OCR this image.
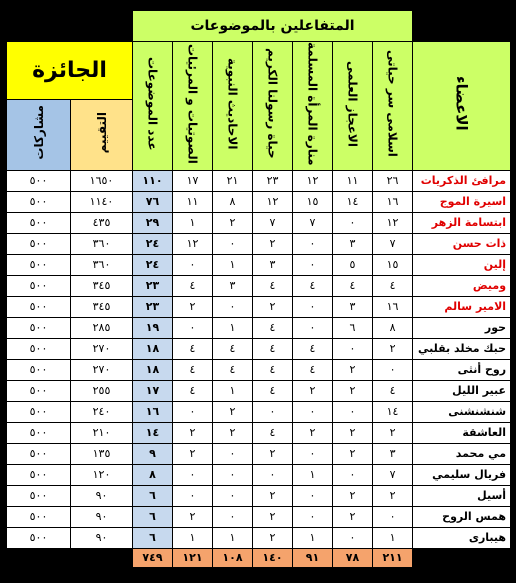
		المتفاعلين بالموضوعات							
الجائزة		عدد الموضوعات	الصوتيات و المرئيات	الاحاديث النبوية	حياة رسولنا الكريم	منارة المرأة المسلمة	الاعجاز العلمى	اسلامى سر حياتى	الاعضاء
مشاركات	التقييم								
٥٠٠	١٦٥٠	١١٠	١٧	٢١	٢٣	١٢	١١	٢٦	مرافئ الذكريات
٥٠٠	١١٤٠	٧٦	١١	٨	١٢	١٥	١٤	١٦	اسيرة الموج
٥٠٠	٤٣٥	٢٩	١	٢	٧	٧	٠	١٢	ابتسامة الزهر
٥٠٠	٣٦٠	٢٤	١٢	٠	٢	٠	٣	٧	ذات حسن
٥٠٠	٣٦٠	٢٤	٠	١	٣	٠	٥	١٥	إلين
٥٠٠	٣٤٥	٢٣	٤	٣	٤	٤	٤	٤	وميض
٥٠٠	٣٤٥	٢٣	٢	٠	٢	٠	٣	١٦	الامير سالم
٥٠٠	٢٨٥	١٩	٠	١	٤	٠	٦	٨	حور
٥٠٠	٢٧٠	١٨	٤	٤	٤	٤	٠	٢	حبك مخلد بقلبي
٥٠٠	٢٧٠	١٨	٤	٤	٤	٤	٢	٠	روح أنثى
٥٠٠	٢٥٥	١٧	٤	١	٤	٢	٢	٤	عبير الليل
٥٠٠	٢٤٠	١٦	٠	٢	٠	٠	٠	١٤	شنشنشنى
٥٠٠	٢١٠	١٤	٢	٢	٤	٢	٢	٢	العاشقة
٥٠٠	١٣٥	٩	٢	٠	٢	٠	٢	٣	مي محمد
٥٠٠	١٢٠	٨	٠	٠	٠	١	٠	٧	فريال سليمي
٥٠٠	٩٠	٦	٠	٠	٢	٠	٢	٢	أسيل
٥٠٠	٩٠	٦	٢	٠	٢	٠	٢	٠	همس الروح
٥٠٠	٩٠	٦	١	١	٢	١	٠	١	هيبارى
		٧٤٩	١٢١	١٠٨	١٤٠	٩١	٧٨	٢١١	
